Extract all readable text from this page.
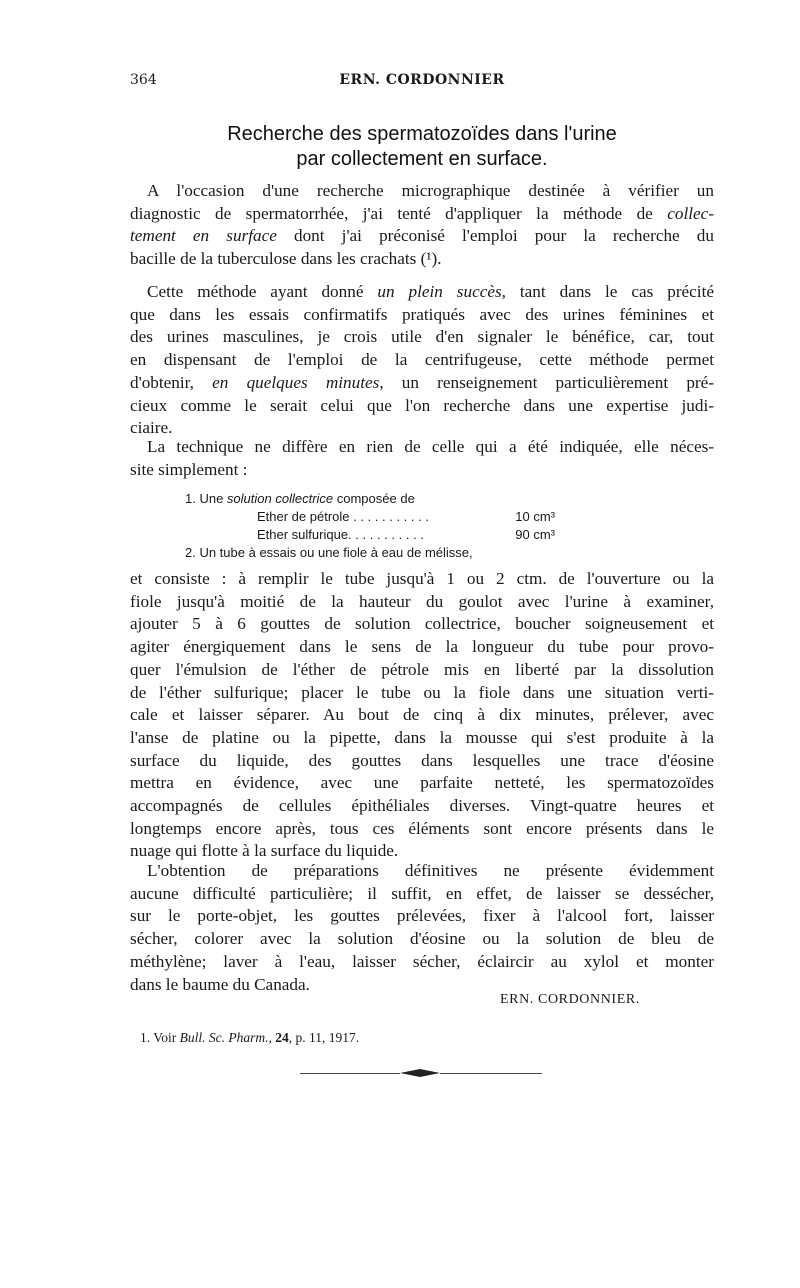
364	ERN. CORDONNIER
Recherche des spermatozoïdes dans l'urine
par collectement en surface.
A l'occasion d'une recherche micrographique destinée à vérifier un
diagnostic de spermatorrhée, j'ai tenté d'appliquer la méthode de collec-
tement en surface dont j'ai préconisé l'emploi pour la recherche du
bacille de la tuberculose dans les crachats (¹).
Cette méthode ayant donné un plein succès, tant dans le cas précité
que dans les essais confirmatifs pratiqués avec des urines féminines et
des urines masculines, je crois utile d'en signaler le bénéfice, car, tout
en dispensant de l'emploi de la centrifugeuse, cette méthode permet
d'obtenir, en quelques minutes, un renseignement particulièrement pré-
cieux comme le serait celui que l'on recherche dans une expertise judi-
ciaire.
La technique ne diffère en rien de celle qui a été indiquée, elle néces-
site simplement :
1. Une solution collectrice composée de
Ether de pétrole . . . . . . . . . . .	10 cm³
Ether sulfurique. . . . . . . . . . .	90 cm³
2. Un tube à essais ou une fiole à eau de mélisse,
et consiste : à remplir le tube jusqu'à 1 ou 2 ctm. de l'ouverture ou la
fiole jusqu'à moitié de la hauteur du goulot avec l'urine à examiner,
ajouter 5 à 6 gouttes de solution collectrice, boucher soigneusement et
agiter énergiquement dans le sens de la longueur du tube pour provo-
quer l'émulsion de l'éther de pétrole mis en liberté par la dissolution
de l'éther sulfurique; placer le tube ou la fiole dans une situation verti-
cale et laisser séparer. Au bout de cinq à dix minutes, prélever, avec
l'anse de platine ou la pipette, dans la mousse qui s'est produite à la
surface du liquide, des gouttes dans lesquelles une trace d'éosine
mettra en évidence, avec une parfaite netteté, les spermatozoïdes
accompagnés de cellules épithéliales diverses. Vingt-quatre heures et
longtemps encore après, tous ces éléments sont encore présents dans le
nuage qui flotte à la surface du liquide.
L'obtention de préparations définitives ne présente évidemment
aucune difficulté particulière; il suffit, en effet, de laisser se dessécher,
sur le porte-objet, les gouttes prélevées, fixer à l'alcool fort, laisser
sécher, colorer avec la solution d'éosine ou la solution de bleu de
méthylène; laver à l'eau, laisser sécher, éclaircir au xylol et monter
dans le baume du Canada.
ERN. CORDONNIER.
1. Voir Bull. Sc. Pharm., 24, p. 11, 1917.
